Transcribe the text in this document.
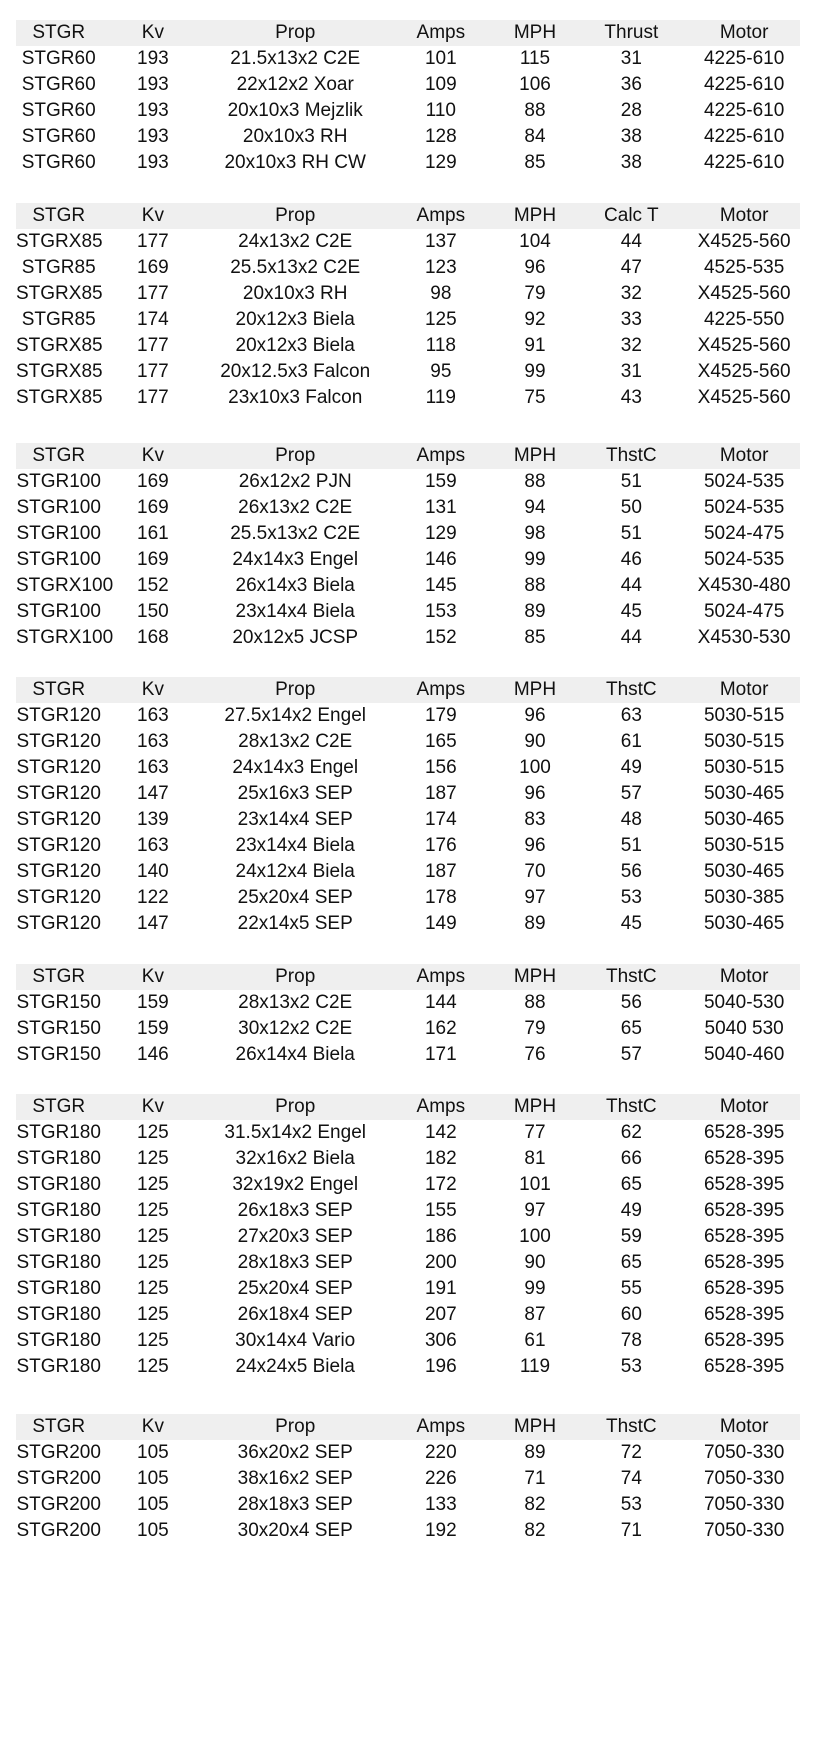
STGR	Kv	Prop	Amps	MPH	Thrust	Motor
STGR60	193	21.5x13x2 C2E	101	115	31	4225-610
STGR60	193	22x12x2 Xoar	109	106	36	4225-610
STGR60	193	20x10x3 Mejzlik	110	88	28	4225-610
STGR60	193	20x10x3 RH	128	84	38	4225-610
STGR60	193	20x10x3 RH CW	129	85	38	4225-610
STGR	Kv	Prop	Amps	MPH	Calc T	Motor
STGRX85	177	24x13x2 C2E	137	104	44	X4525-560
STGR85	169	25.5x13x2 C2E	123	96	47	4525-535
STGRX85	177	20x10x3 RH	98	79	32	X4525-560
STGR85	174	20x12x3 Biela	125	92	33	4225-550
STGRX85	177	20x12x3 Biela	118	91	32	X4525-560
STGRX85	177	20x12.5x3 Falcon	95	99	31	X4525-560
STGRX85	177	23x10x3 Falcon	119	75	43	X4525-560
STGR	Kv	Prop	Amps	MPH	ThstC	Motor
STGR100	169	26x12x2 PJN	159	88	51	5024-535
STGR100	169	26x13x2 C2E	131	94	50	5024-535
STGR100	161	25.5x13x2 C2E	129	98	51	5024-475
STGR100	169	24x14x3 Engel	146	99	46	5024-535
STGRX100	152	26x14x3 Biela	145	88	44	X4530-480
STGR100	150	23x14x4 Biela	153	89	45	5024-475
STGRX100	168	20x12x5 JCSP	152	85	44	X4530-530
STGR	Kv	Prop	Amps	MPH	ThstC	Motor
STGR120	163	27.5x14x2 Engel	179	96	63	5030-515
STGR120	163	28x13x2 C2E	165	90	61	5030-515
STGR120	163	24x14x3 Engel	156	100	49	5030-515
STGR120	147	25x16x3 SEP	187	96	57	5030-465
STGR120	139	23x14x4 SEP	174	83	48	5030-465
STGR120	163	23x14x4 Biela	176	96	51	5030-515
STGR120	140	24x12x4 Biela	187	70	56	5030-465
STGR120	122	25x20x4 SEP	178	97	53	5030-385
STGR120	147	22x14x5 SEP	149	89	45	5030-465
STGR	Kv	Prop	Amps	MPH	ThstC	Motor
STGR150	159	28x13x2 C2E	144	88	56	5040-530
STGR150	159	30x12x2 C2E	162	79	65	5040 530
STGR150	146	26x14x4 Biela	171	76	57	5040-460
STGR	Kv	Prop	Amps	MPH	ThstC	Motor
STGR180	125	31.5x14x2 Engel	142	77	62	6528-395
STGR180	125	32x16x2 Biela	182	81	66	6528-395
STGR180	125	32x19x2 Engel	172	101	65	6528-395
STGR180	125	26x18x3 SEP	155	97	49	6528-395
STGR180	125	27x20x3 SEP	186	100	59	6528-395
STGR180	125	28x18x3 SEP	200	90	65	6528-395
STGR180	125	25x20x4 SEP	191	99	55	6528-395
STGR180	125	26x18x4 SEP	207	87	60	6528-395
STGR180	125	30x14x4 Vario	306	61	78	6528-395
STGR180	125	24x24x5 Biela	196	119	53	6528-395
STGR	Kv	Prop	Amps	MPH	ThstC	Motor
STGR200	105	36x20x2 SEP	220	89	72	7050-330
STGR200	105	38x16x2 SEP	226	71	74	7050-330
STGR200	105	28x18x3 SEP	133	82	53	7050-330
STGR200	105	30x20x4 SEP	192	82	71	7050-330
